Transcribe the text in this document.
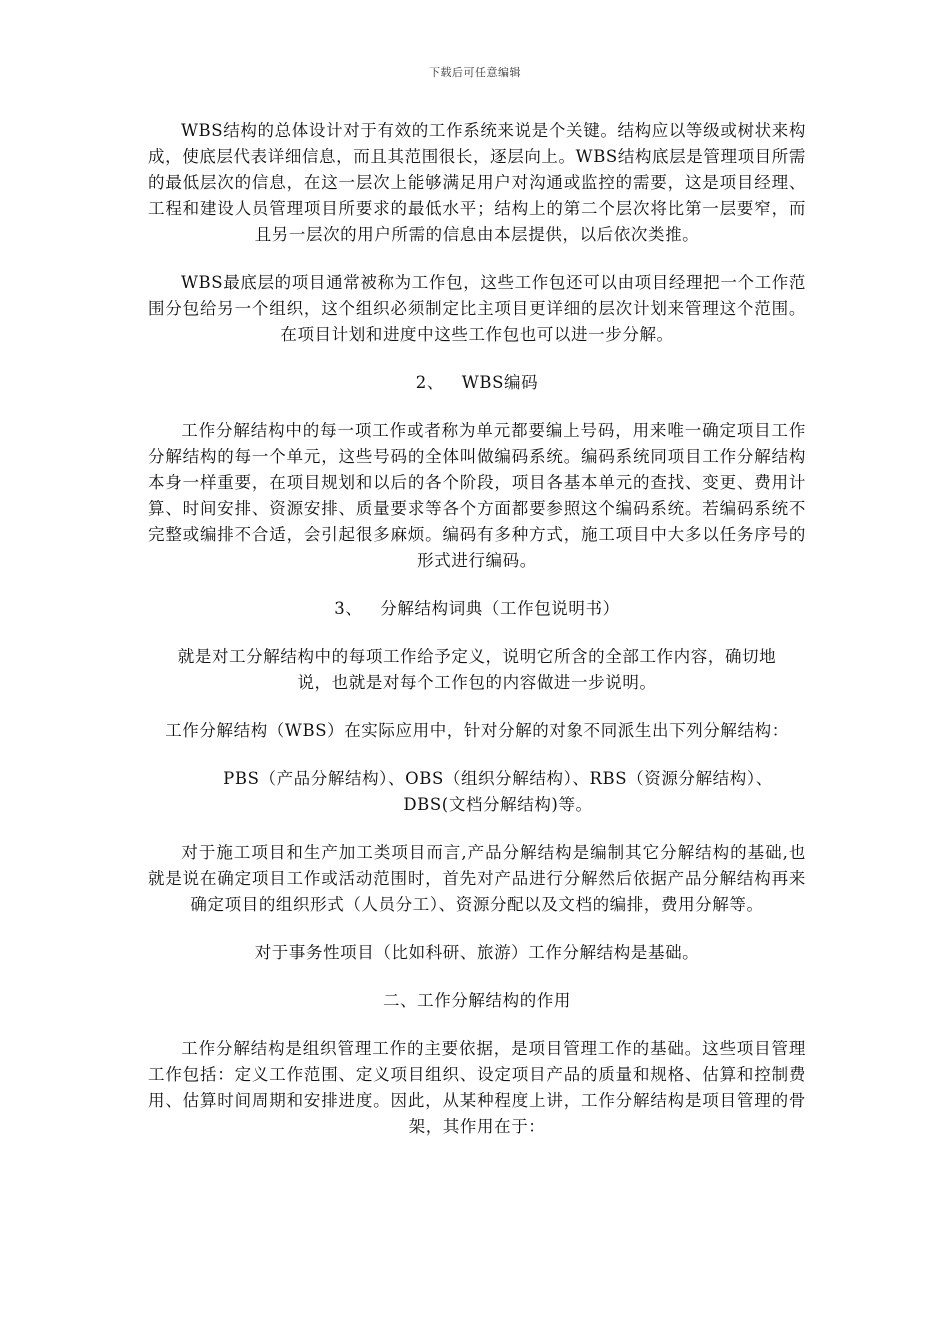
下载后可任意编辑

WBS结构的总体设计对于有效的工作系统来说是个关键。结构应以等级或树状来构成，使底层代表详细信息，而且其范围很长，逐层向上。WBS结构底层是管理项目所需的最低层次的信息，在这一层次上能够满足用户对沟通或监控的需要，这是项目经理、工程和建设人员管理项目所要求的最低水平；结构上的第二个层次将比第一层要窄，而且另一层次的用户所需的信息由本层提供，以后依次类推。

WBS最底层的项目通常被称为工作包，这些工作包还可以由项目经理把一个工作范围分包给另一个组织，这个组织必须制定比主项目更详细的层次计划来管理这个范围。在项目计划和进度中这些工作包也可以进一步分解。

2、 WBS编码

工作分解结构中的每一项工作或者称为单元都要编上号码，用来唯一确定项目工作分解结构的每一个单元，这些号码的全体叫做编码系统。编码系统同项目工作分解结构本身一样重要，在项目规划和以后的各个阶段，项目各基本单元的查找、变更、费用计算、时间安排、资源安排、质量要求等各个方面都要参照这个编码系统。若编码系统不完整或编排不合适，会引起很多麻烦。编码有多种方式，施工项目中大多以任务序号的形式进行编码。

3、 分解结构词典（工作包说明书）

就是对工分解结构中的每项工作给予定义，说明它所含的全部工作内容，确切地说，也就是对每个工作包的内容做进一步说明。

工作分解结构（WBS）在实际应用中，针对分解的对象不同派生出下列分解结构：

PBS（产品分解结构）、OBS（组织分解结构）、RBS（资源分解结构）、DBS(文档分解结构)等。

对于施工项目和生产加工类项目而言,产品分解结构是编制其它分解结构的基础,也就是说在确定项目工作或活动范围时，首先对产品进行分解然后依据产品分解结构再来确定项目的组织形式（人员分工）、资源分配以及文档的编排，费用分解等。

对于事务性项目（比如科研、旅游）工作分解结构是基础。

二、工作分解结构的作用

工作分解结构是组织管理工作的主要依据，是项目管理工作的基础。这些项目管理工作包括：定义工作范围、定义项目组织、设定项目产品的质量和规格、估算和控制费用、估算时间周期和安排进度。因此，从某种程度上讲，工作分解结构是项目管理的骨架，其作用在于：
